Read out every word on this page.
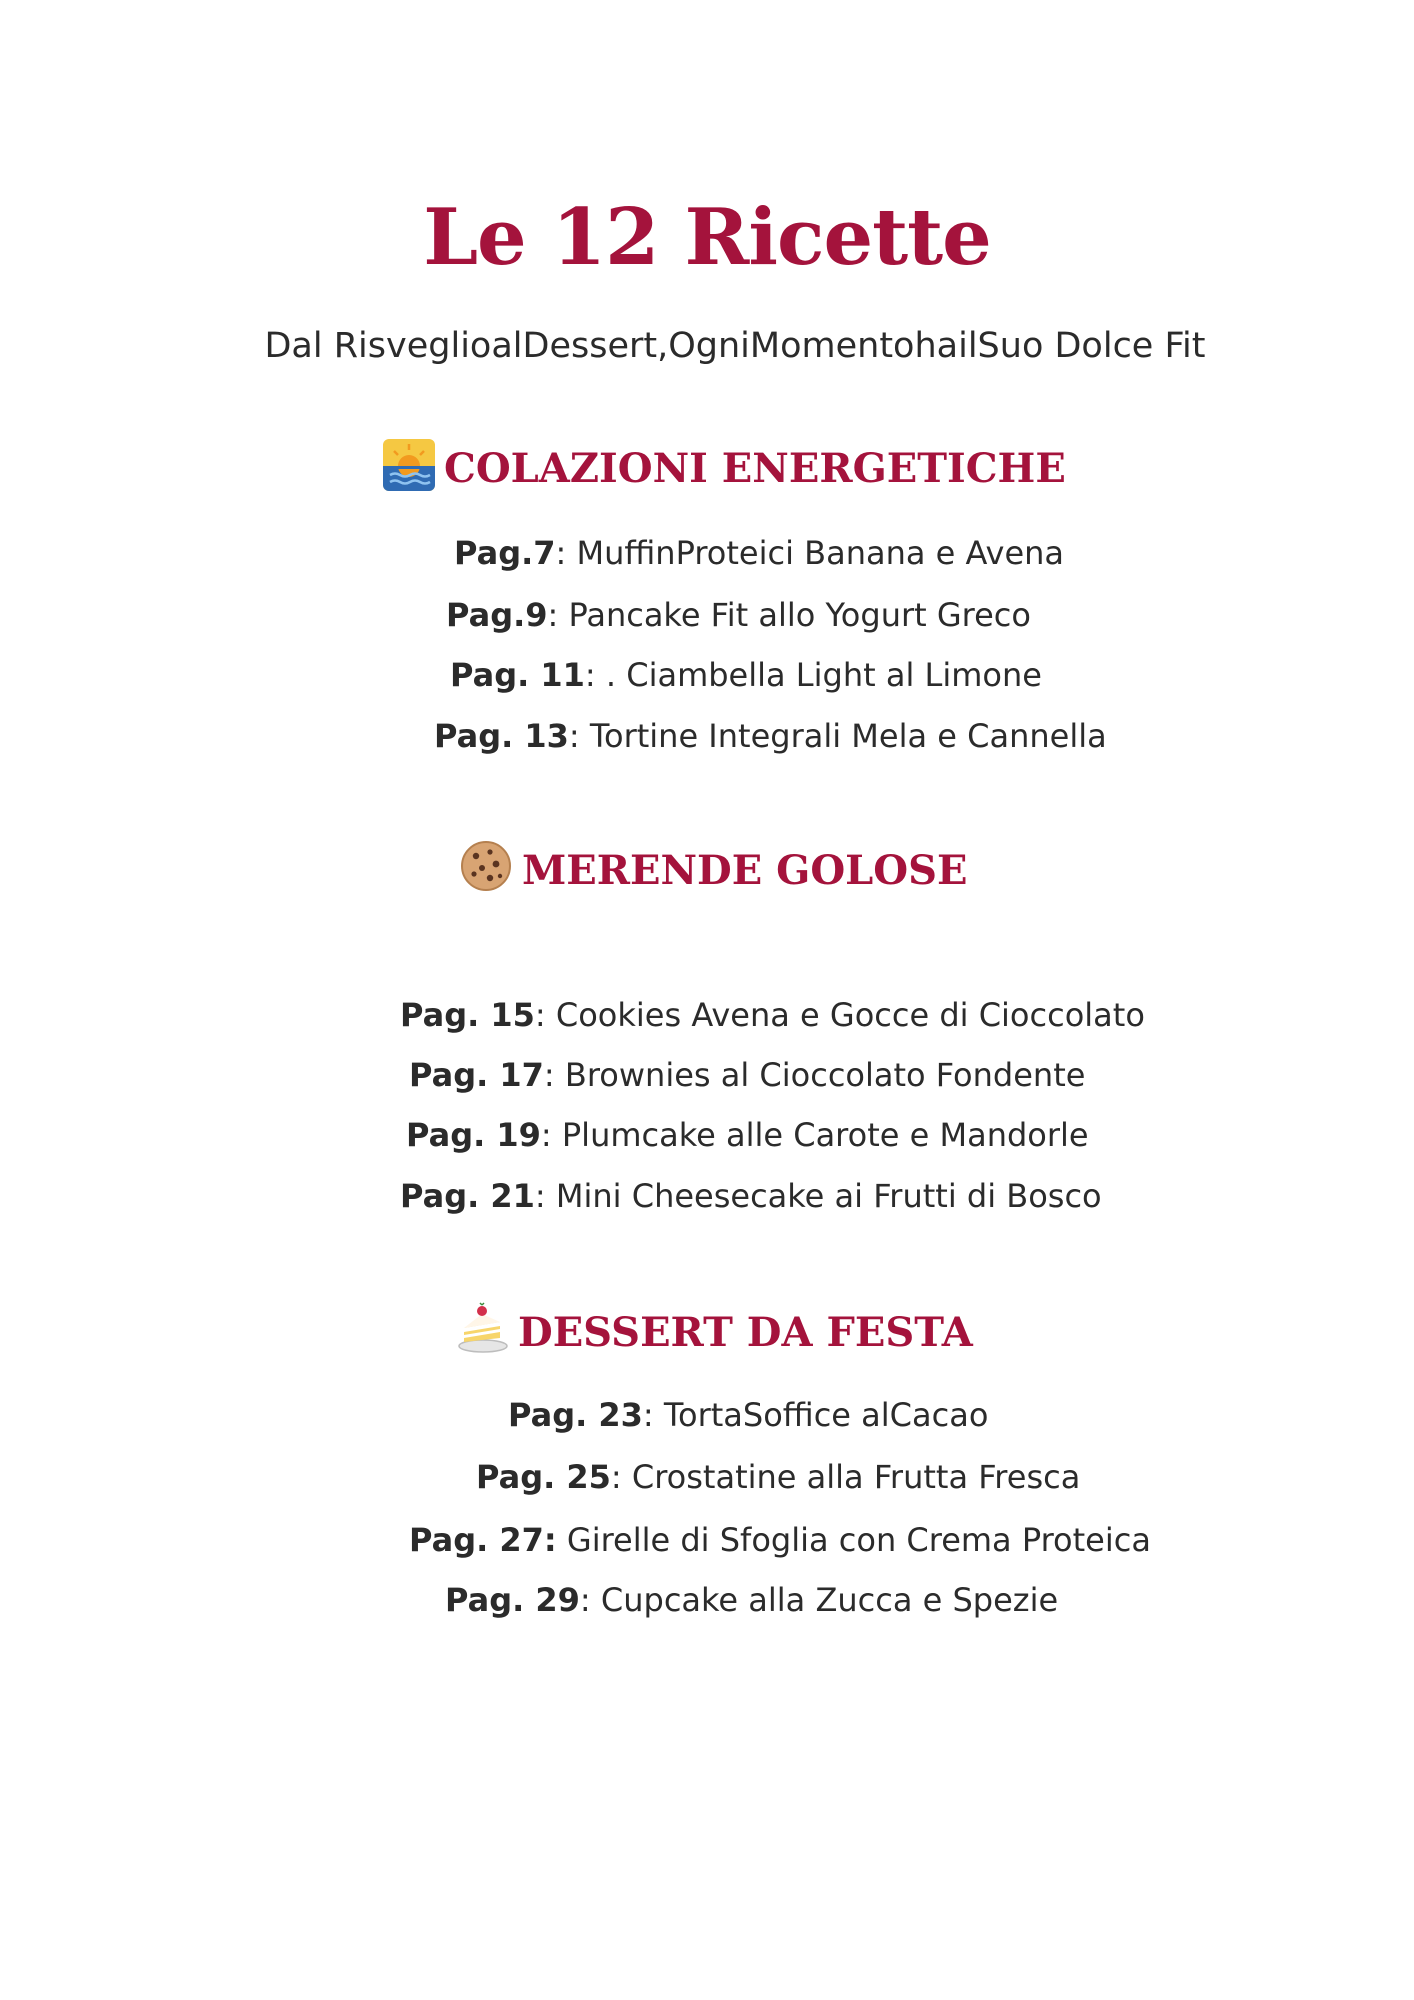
Le 12 Ricette
Dal RisveglioalDessert,OgniMomentohailSuo Dolce Fit
COLAZIONI ENERGETICHE
Pag.7: MuffinProteici Banana e Avena
Pag.9: Pancake Fit allo Yogurt Greco
Pag. 11: . Ciambella Light al Limone
Pag. 13: Tortine Integrali Mela e Cannella
MERENDE GOLOSE
Pag. 15: Cookies Avena e Gocce di Cioccolato
Pag. 17: Brownies al Cioccolato Fondente
Pag. 19: Plumcake alle Carote e Mandorle
Pag. 21: Mini Cheesecake ai Frutti di Bosco
DESSERT DA FESTA
Pag. 23: TortaSoffice alCacao
Pag. 25: Crostatine alla Frutta Fresca
Pag. 27: Girelle di Sfoglia con Crema Proteica
Pag. 29: Cupcake alla Zucca e Spezie
